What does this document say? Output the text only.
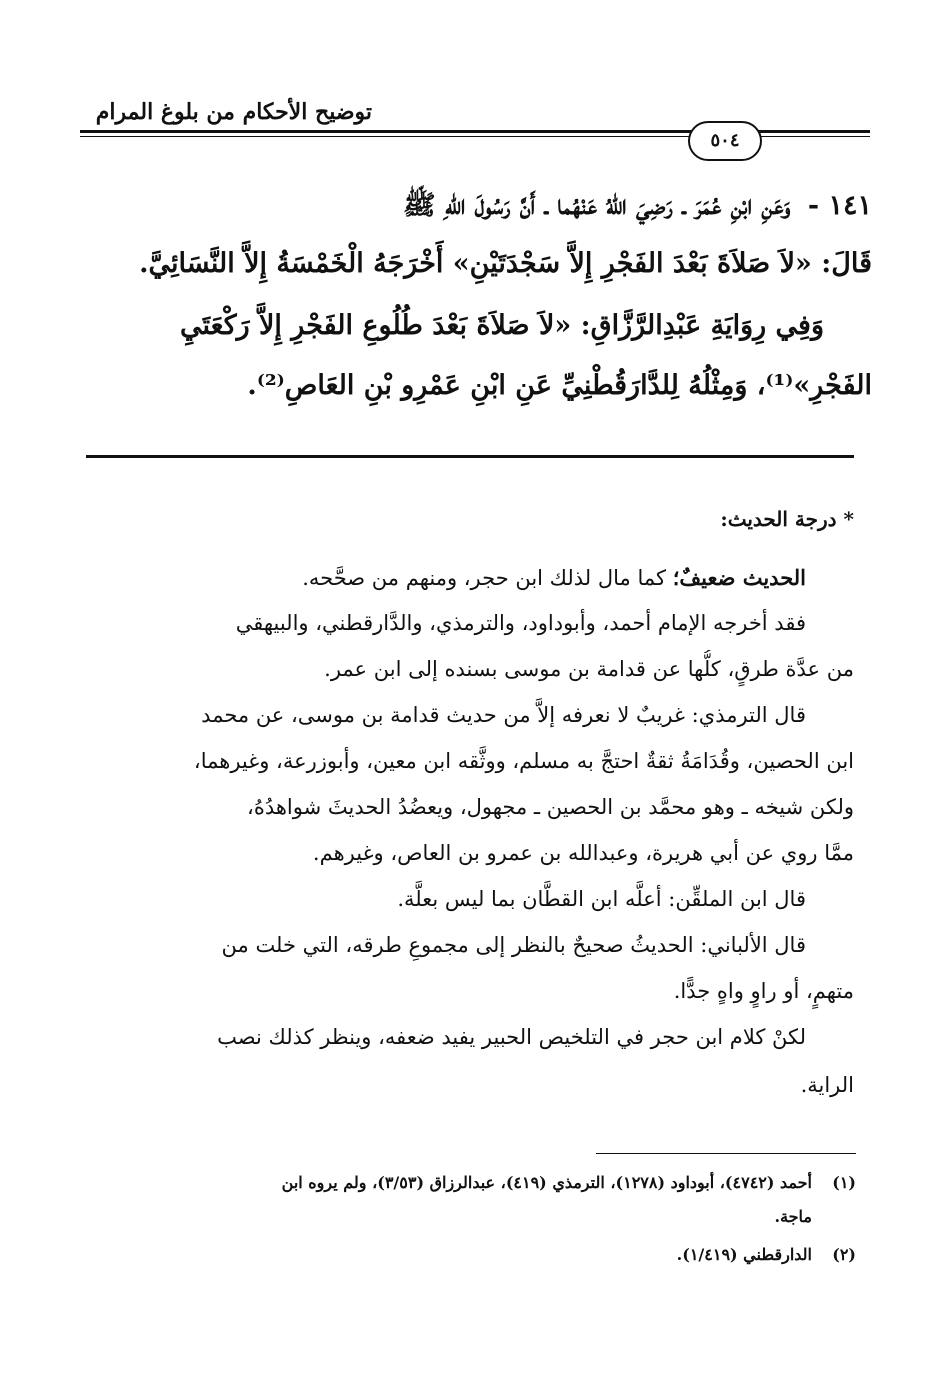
توضيح الأحكام من بلوغ المرام
٥٠٤
١٤١ - وَعَنِ ابْنِ عُمَرَ ـ رَضِيَ اللهُ عَنْهُما ـ أَنَّ رَسُولَ اللهِ ﷺ
قَالَ: «لاَ صَلاَةَ بَعْدَ الفَجْرِ إِلاَّ سَجْدَتَيْنِ» أَخْرَجَهُ الْخَمْسَةُ إِلاَّ النَّسَائِيَّ.
وَفِي رِوَايَةِ عَبْدِالرَّزَّاقِ: «لاَ صَلاَةَ بَعْدَ طُلُوعِ الفَجْرِ إِلاَّ رَكْعَتَيِ
الفَجْرِ»⁽¹⁾، وَمِثْلُهُ لِلدَّارَقُطْنِيِّ عَنِ ابْنِ عَمْرِو بْنِ العَاصِ⁽²⁾.
* درجة الحديث:
الحديث ضعيفٌ؛ كما مال لذلك ابن حجر، ومنهم من صحَّحه.
فقد أخرجه الإمام أحمد، وأبوداود، والترمذي، والدَّارقطني، والبيهقي
من عدَّة طرقٍ، كلُّها عن قدامة بن موسى بسنده إلى ابن عمر.
قال الترمذي: غريبٌ لا نعرفه إلاَّ من حديث قدامة بن موسى، عن محمد
ابن الحصين، وقُدَامَةُ ثقةٌ احتجَّ به مسلم، ووثَّقه ابن معين، وأبوزرعة، وغيرهما،
ولكن شيخه ـ وهو محمَّد بن الحصين ـ مجهول، ويعضُدُ الحديثَ شواهدُهُ،
ممَّا روي عن أبي هريرة، وعبدالله بن عمرو بن العاص، وغيرهم.
قال ابن الملقِّن: أعلَّه ابن القطَّان بما ليس بعلَّة.
قال الألباني: الحديثُ صحيحٌ بالنظر إلى مجموعِ طرقه، التي خلت من
متهمٍ، أو راوٍ واهٍ جدًّا.
لكنْ كلام ابن حجر في التلخيص الحبير يفيد ضعفه، وينظر كذلك نصب
الراية.
(١)أحمد (٤٧٤٢)، أبوداود (١٢٧٨)، الترمذي (٤١٩)، عبدالرزاق (٣/٥٣)، ولم يروه ابن
ماجة.
(٢)الدارقطني (١/٤١٩).
